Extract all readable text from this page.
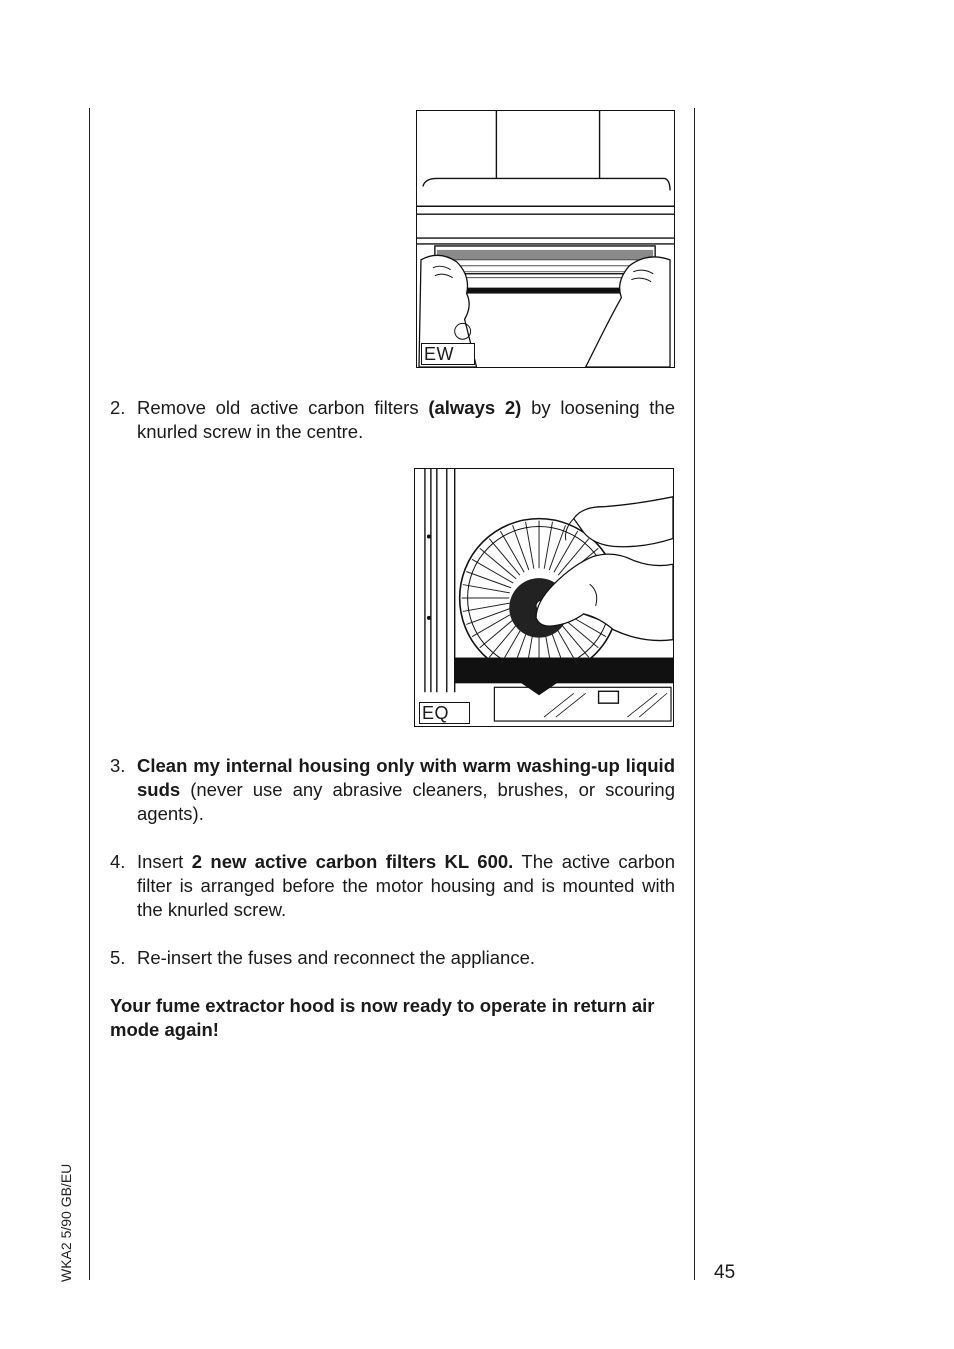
EW
EQ

2. Remove old active carbon filters (always 2) by loosening the knurled screw in the centre.

3. Clean my internal housing only with warm washing-up liquid suds (never use any abrasive cleaners, brushes, or scouring agents).

4. Insert 2 new active carbon filters KL 600. The active carbon filter is arranged before the motor housing and is mounted with the knurled screw.

5. Re-insert the fuses and reconnect the appliance.

Your fume extractor hood is now ready to operate in return air mode again!

WKA2 5/90 GB/EU	45
